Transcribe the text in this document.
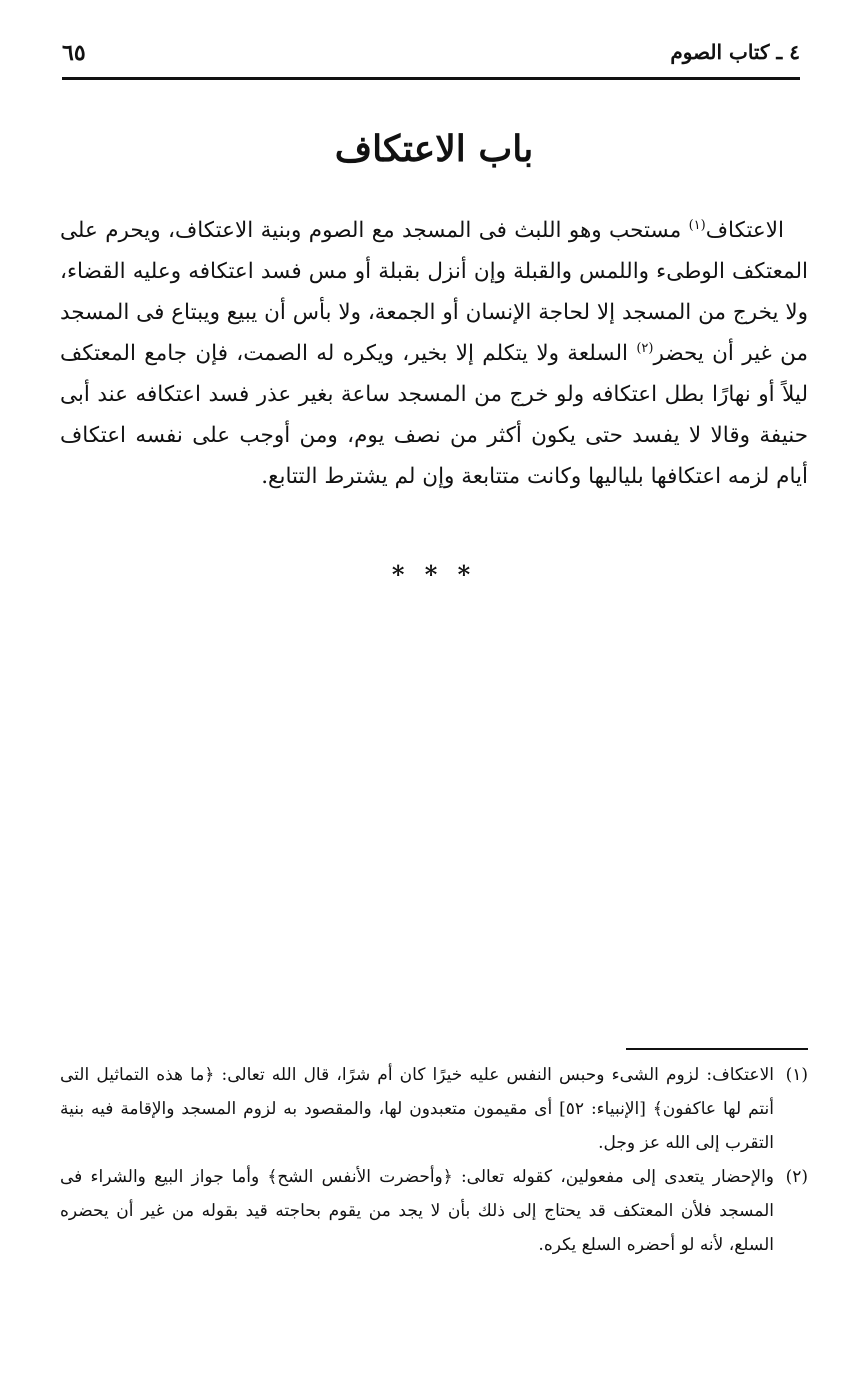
٤ ـ كتاب الصوم
٦٥
باب الاعتكاف

الاعتكاف$^{(١)}$ مستحب وهو اللبث فى المسجد مع الصوم وبنية الاعتكاف، ويحرم على المعتكف الوطىء واللمس والقبلة وإن أنزل بقبلة أو مس فسد اعتكافه وعليه القضاء، ولا يخرج من المسجد إلا لحاجة الإنسان أو الجمعة، ولا بأس أن يبيع ويبتاع فى المسجد من غير أن يحضر$^{(٢)}$ السلعة ولا يتكلم إلا بخير، ويكره له الصمت، فإن جامع المعتكف ليلاً أو نهارًا بطل اعتكافه ولو خرج من المسجد ساعة بغير عذر فسد اعتكافه عند أبى حنيفة وقالا لا يفسد حتى يكون أكثر من نصف يوم، ومن أوجب على نفسه اعتكاف أيام لزمه اعتكافها بلياليها وكانت متتابعة وإن لم يشترط التتابع.

* * *
(١)
الاعتكاف: لزوم الشىء وحبس النفس عليه خيرًا كان أم شرًا، قال الله تعالى: ﴿ما هذه التماثيل التى أنتم لها عاكفون﴾ [الإنبياء: ٥٢] أى مقيمون متعبدون لها، والمقصود به لزوم المسجد والإقامة فيه بنية التقرب إلى الله عز وجل.
(٢)
والإحضار يتعدى إلى مفعولين، كقوله تعالى: ﴿وأحضرت الأنفس الشح﴾ وأما جواز البيع والشراء فى المسجد فلأن المعتكف قد يحتاج إلى ذلك بأن لا يجد من يقوم بحاجته قيد بقوله من غير أن يحضره السلع، لأنه لو أحضره السلع يكره.
